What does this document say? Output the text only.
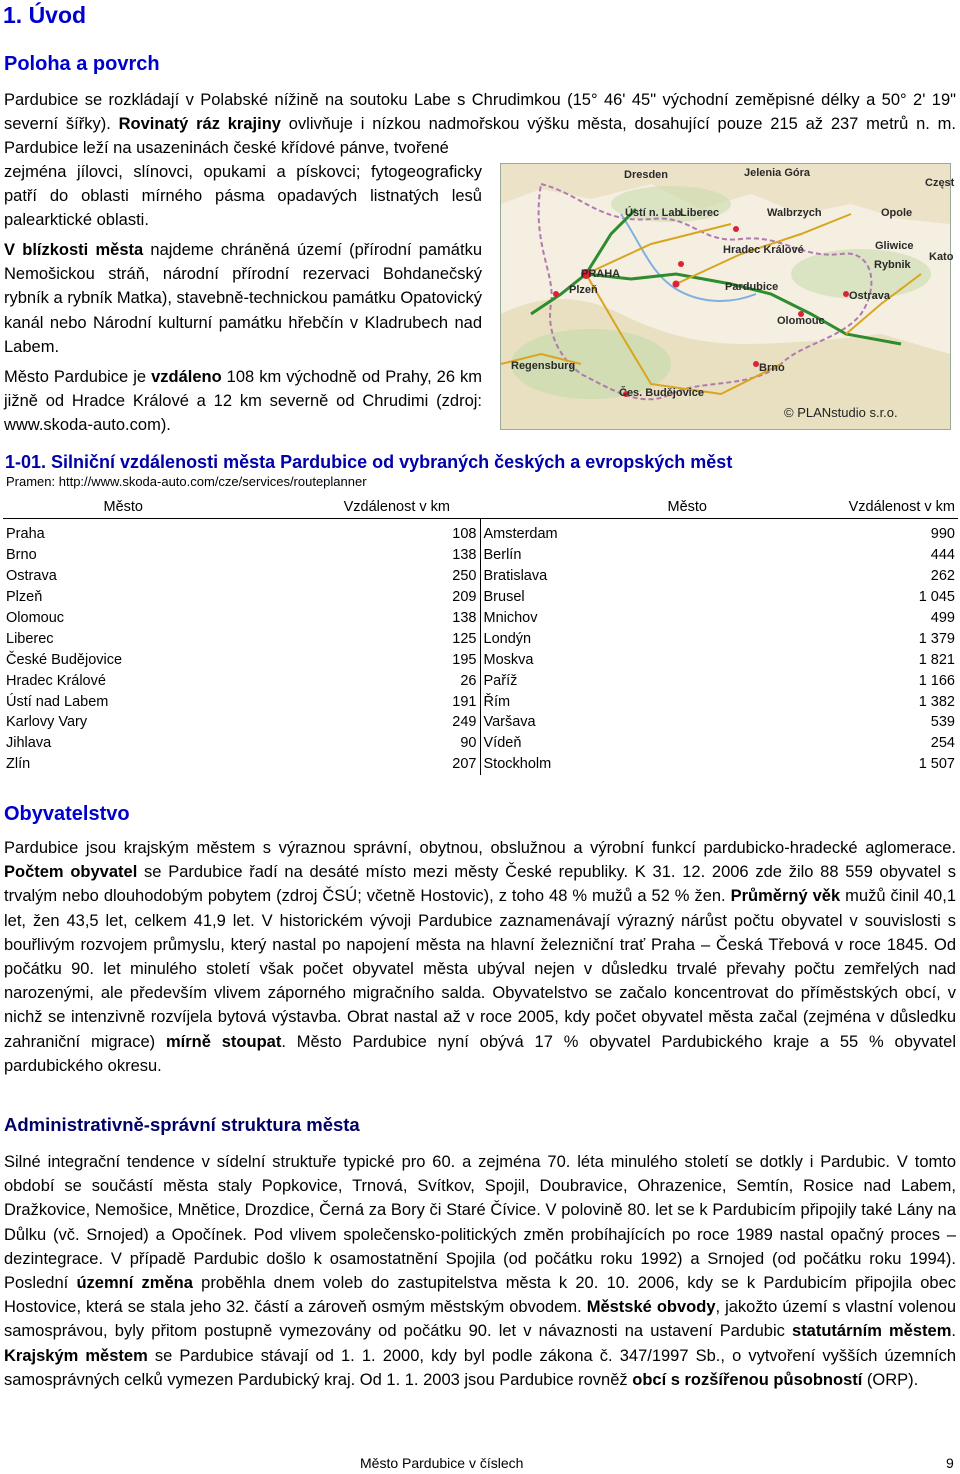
1. Úvod
Poloha a povrch
Pardubice se rozkládají v Polabské nížině na soutoku Labe s Chrudimkou (15° 46' 45" východní zeměpisné délky a 50° 2' 19" severní šířky). Rovinatý ráz krajiny ovlivňuje i nízkou nadmořskou výšku města, dosahující pouze 215 až 237 metrů n. m. Pardubice leží na usazeninách české křídové pánve, tvořené
zejména jílovci, slínovci, opukami a pískovci; fytogeograficky patří do oblasti mírného pásma opadavých listnatých lesů palearktické oblasti.
V blízkosti města najdeme chráněná území (přírodní památku Nemošickou stráň, národní přírodní rezervaci Bohdanečský rybník a rybník Matka), stavebně-technickou památku Opatovický kanál nebo Národní kulturní památku hřebčín v Kladrubech nad Labem.
Město Pardubice je vzdáleno 108 km východně od Prahy, 26 km jižně od Hradce Králové a 12 km severně od Chrudimi (zdroj: www.skoda-auto.com).
Dresden	Jelenia Góra
Częst
Ústí n. Lab.
Liberec	Walbrzych	Opole
Gliwice
Rybnik
Kato
Hradec Králové
PRAHA
Plzeň	Pardubice
Ostrava
Olomouc
Regensburg	Brno
Čes. Budějovice
© PLANstudio s.r.o.
1-01. Silniční vzdálenosti města Pardubice od vybraných českých a evropských měst
Pramen: http://www.skoda-auto.com/cze/services/routeplanner
Město	Vzdálenost v km	Město	Vzdálenost v km
Praha	108	Amsterdam	990
Brno	138	Berlín	444
Ostrava	250	Bratislava	262
Plzeň	209	Brusel	1 045
Olomouc	138	Mnichov	499
Liberec	125	Londýn	1 379
České Budějovice	195	Moskva	1 821
Hradec Králové	26	Paříž	1 166
Ústí nad Labem	191	Řím	1 382
Karlovy Vary	249	Varšava	539
Jihlava	90	Vídeň	254
Zlín	207	Stockholm	1 507
Obyvatelstvo
Pardubice jsou krajským městem s výraznou správní, obytnou, obslužnou a výrobní funkcí pardubicko-hradecké aglomerace. Počtem obyvatel se Pardubice řadí na desáté místo mezi městy České republiky. K 31. 12. 2006 zde žilo 88 559 obyvatel s trvalým nebo dlouhodobým pobytem (zdroj ČSÚ; včetně Hostovic), z toho 48 % mužů a 52 % žen. Průměrný věk mužů činil 40,1 let, žen 43,5 let, celkem 41,9 let. V historickém vývoji Pardubice zaznamenávají výrazný nárůst počtu obyvatel v souvislosti s bouřlivým rozvojem průmyslu, který nastal po napojení města na hlavní železniční trať Praha – Česká Třebová v roce 1845. Od počátku 90. let minulého století však počet obyvatel města ubýval nejen v důsledku trvalé převahy počtu zemřelých nad narozenými, ale především vlivem záporného migračního salda. Obyvatelstvo se začalo koncentrovat do příměstských obcí, v nichž se intenzivně rozvíjela bytová výstavba. Obrat nastal až v roce 2005, kdy počet obyvatel města začal (zejména v důsledku zahraniční migrace) mírně stoupat. Město Pardubice nyní obývá 17 % obyvatel Pardubického kraje a 55 % obyvatel pardubického okresu.
Administrativně-správní struktura města
Silné integrační tendence v sídelní struktuře typické pro 60. a zejména 70. léta minulého století se dotkly i Pardubic. V tomto období se součástí města staly Popkovice, Trnová, Svítkov, Spojil, Doubravice, Ohrazenice, Semtín, Rosice nad Labem, Dražkovice, Nemošice, Mnětice, Drozdice, Černá za Bory či Staré Čívice. V polovině 80. let se k Pardubicím připojily také Lány na Důlku (vč. Srnojed) a Opočínek. Pod vlivem společensko-politických změn probíhajících po roce 1989 nastal opačný proces – dezintegrace. V případě Pardubic došlo k osamostatnění Spojila (od počátku roku 1992) a Srnojed (od počátku roku 1994). Poslední územní změna proběhla dnem voleb do zastupitelstva města k 20. 10. 2006, kdy se k Pardubicím připojila obec Hostovice, která se stala jeho 32. částí a zároveň osmým městským obvodem. Městské obvody, jakožto území s vlastní volenou samosprávou, byly přitom postupně vymezovány od počátku 90. let v návaznosti na ustavení Pardubic statutárním městem. Krajským městem se Pardubice stávají od 1. 1. 2000, kdy byl podle zákona č. 347/1997 Sb., o vytvoření vyšších územních samosprávných celků vymezen Pardubický kraj. Od 1. 1. 2003 jsou Pardubice rovněž obcí s rozšířenou působností (ORP).
Město Pardubice v číslech	9
